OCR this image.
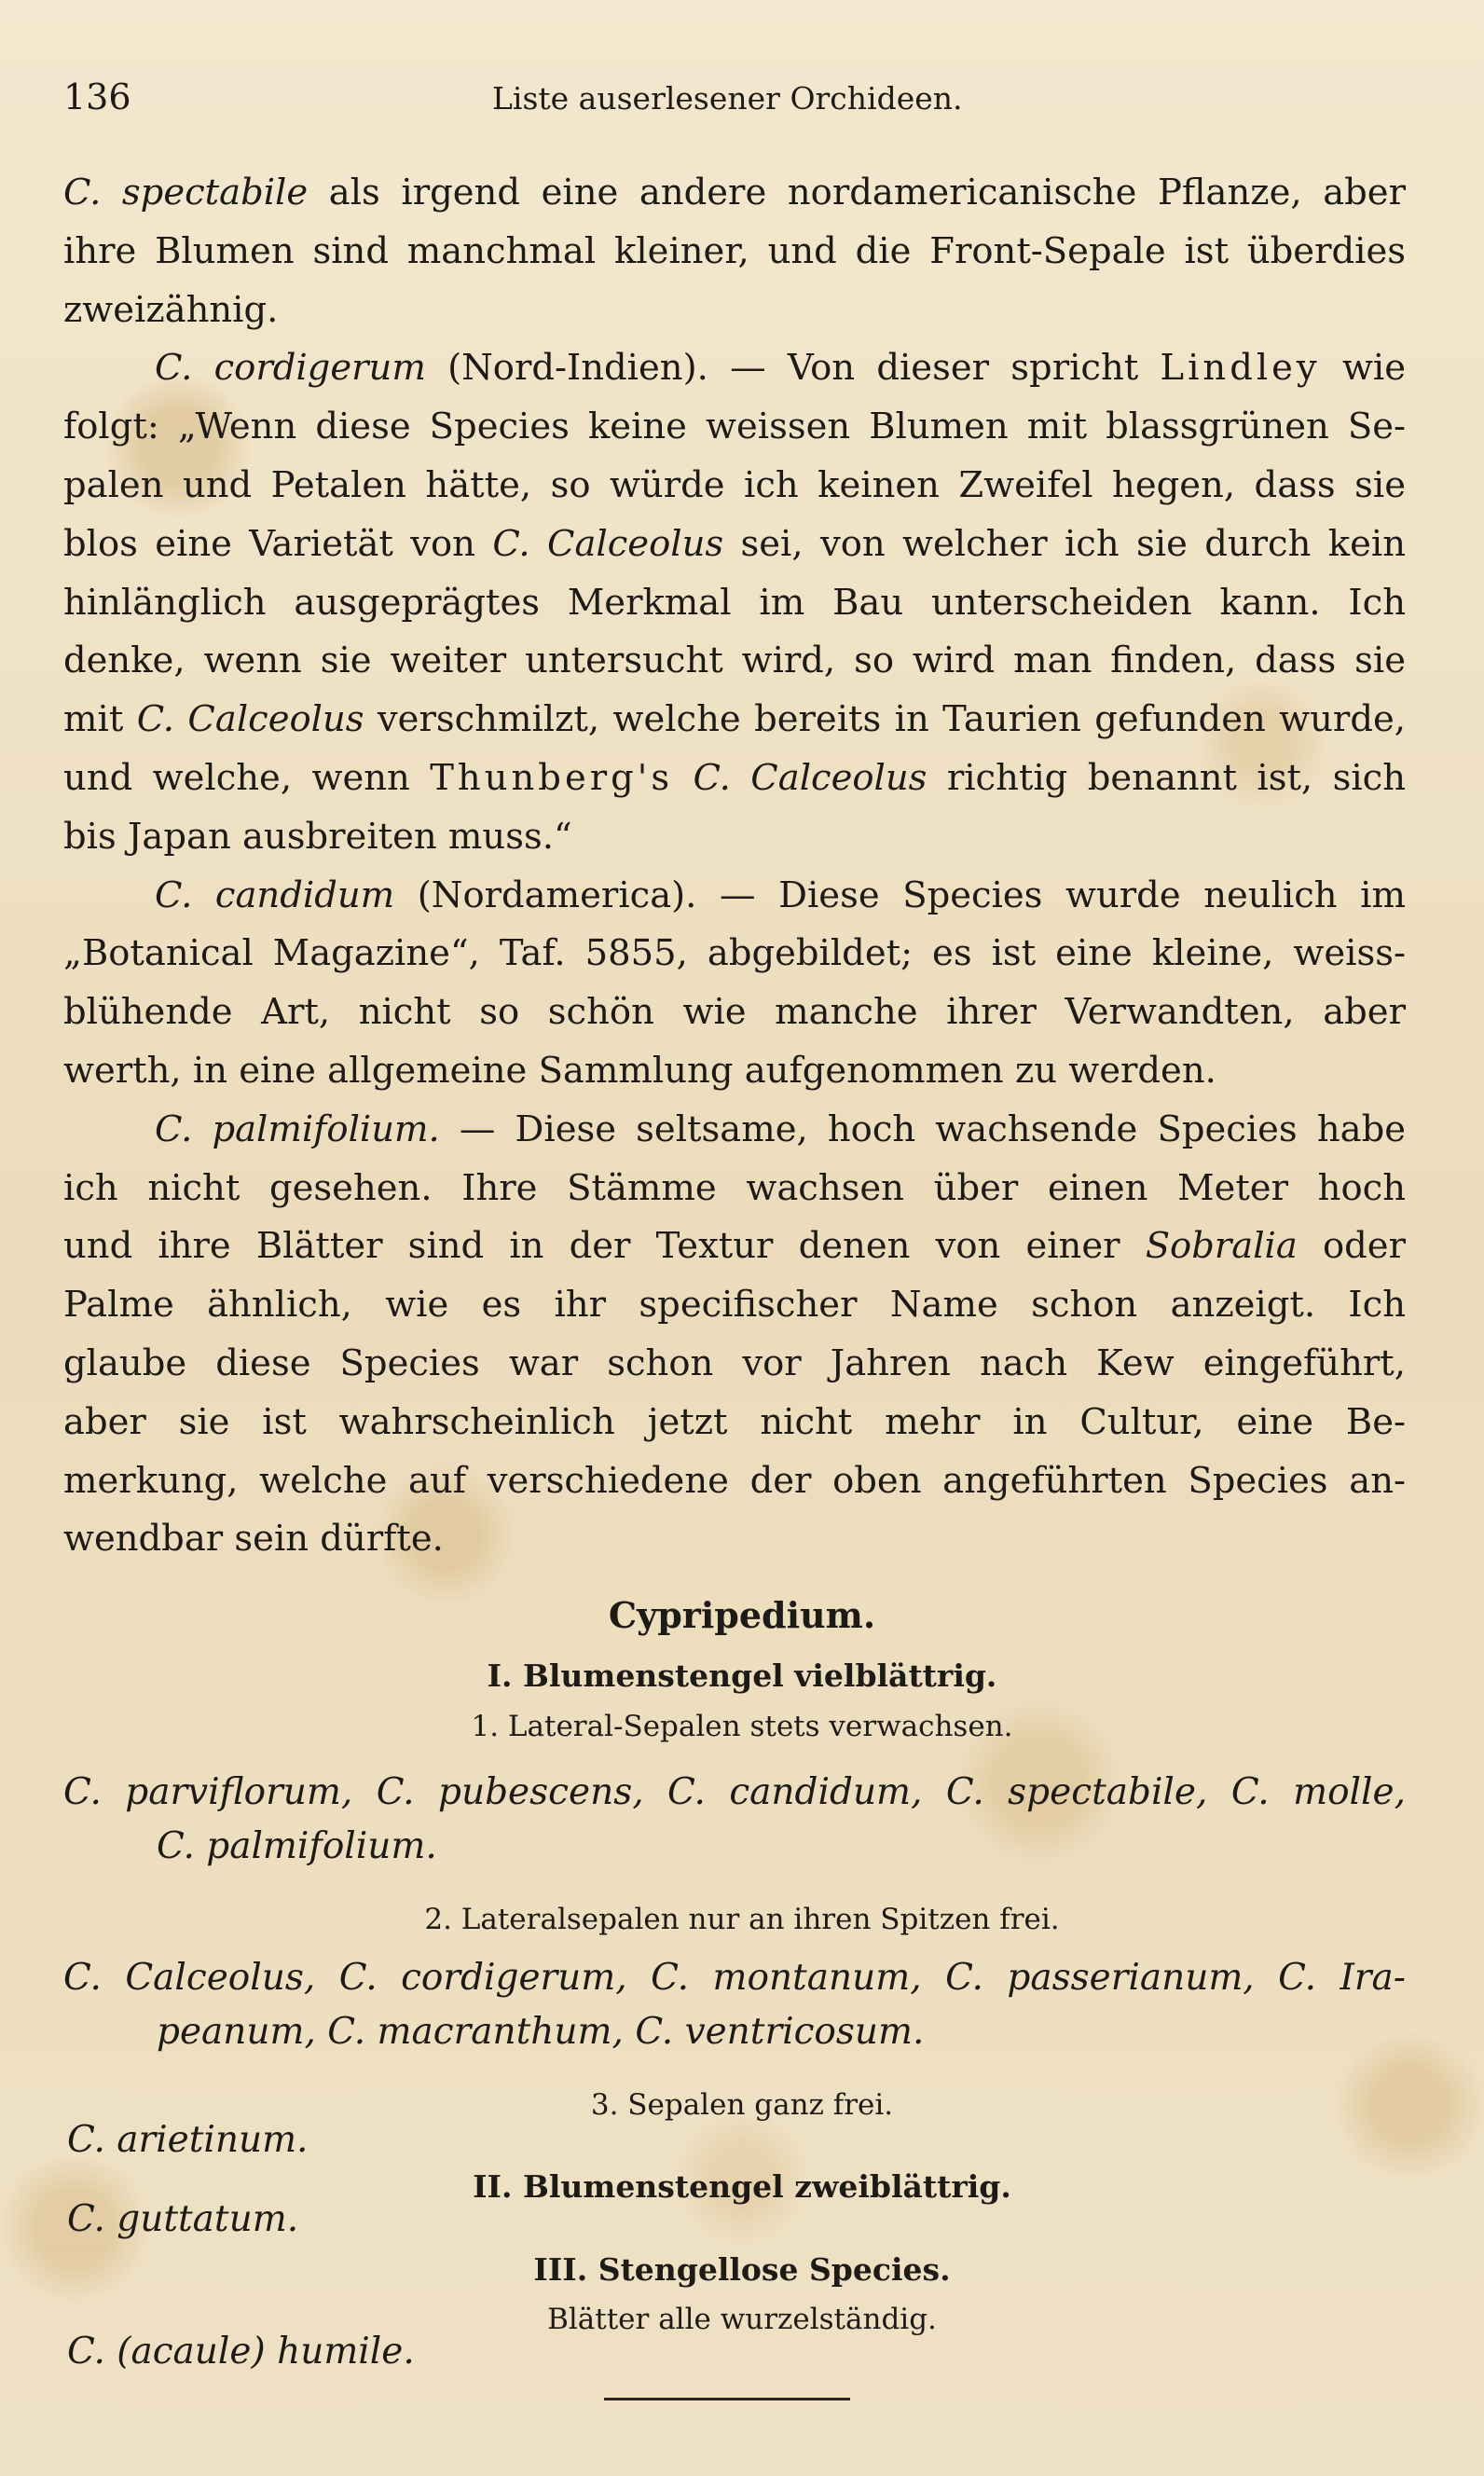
136	Liste auserlesener Orchideen.
C. spectabile als irgend eine andere nordamericanische Pflanze, aber
ihre Blumen sind manchmal kleiner, und die Front-Sepale ist überdies
zweizähnig.
C. cordigerum (Nord-Indien). — Von dieser spricht Lindley wie
folgt: „Wenn diese Species keine weissen Blumen mit blassgrünen Se-
palen und Petalen hätte, so würde ich keinen Zweifel hegen, dass sie
blos eine Varietät von C. Calceolus sei, von welcher ich sie durch kein
hinlänglich ausgeprägtes Merkmal im Bau unterscheiden kann. Ich
denke, wenn sie weiter untersucht wird, so wird man finden, dass sie
mit C. Calceolus verschmilzt, welche bereits in Taurien gefunden wurde,
und welche, wenn Thunberg's C. Calceolus richtig benannt ist, sich
bis Japan ausbreiten muss.“
C. candidum (Nordamerica). — Diese Species wurde neulich im
„Botanical Magazine“, Taf. 5855, abgebildet; es ist eine kleine, weiss-
blühende Art, nicht so schön wie manche ihrer Verwandten, aber
werth, in eine allgemeine Sammlung aufgenommen zu werden.
C. palmifolium. — Diese seltsame, hoch wachsende Species habe
ich nicht gesehen. Ihre Stämme wachsen über einen Meter hoch
und ihre Blätter sind in der Textur denen von einer Sobralia oder
Palme ähnlich, wie es ihr specifischer Name schon anzeigt. Ich
glaube diese Species war schon vor Jahren nach Kew eingeführt,
aber sie ist wahrscheinlich jetzt nicht mehr in Cultur, eine Be-
merkung, welche auf verschiedene der oben angeführten Species an-
wendbar sein dürfte.
Cypripedium.
I. Blumenstengel vielblättrig.
1. Lateral-Sepalen stets verwachsen.
C. parviflorum, C. pubescens, C. candidum, C. spectabile, C. molle,
C. palmifolium.
2. Lateralsepalen nur an ihren Spitzen frei.
C. Calceolus, C. cordigerum, C. montanum, C. passerianum, C. Ira-
peanum, C. macranthum, C. ventricosum.
3. Sepalen ganz frei.
C. arietinum.
II. Blumenstengel zweiblättrig.
C. guttatum.
III. Stengellose Species.
Blätter alle wurzelständig.
C. (acaule) humile.
